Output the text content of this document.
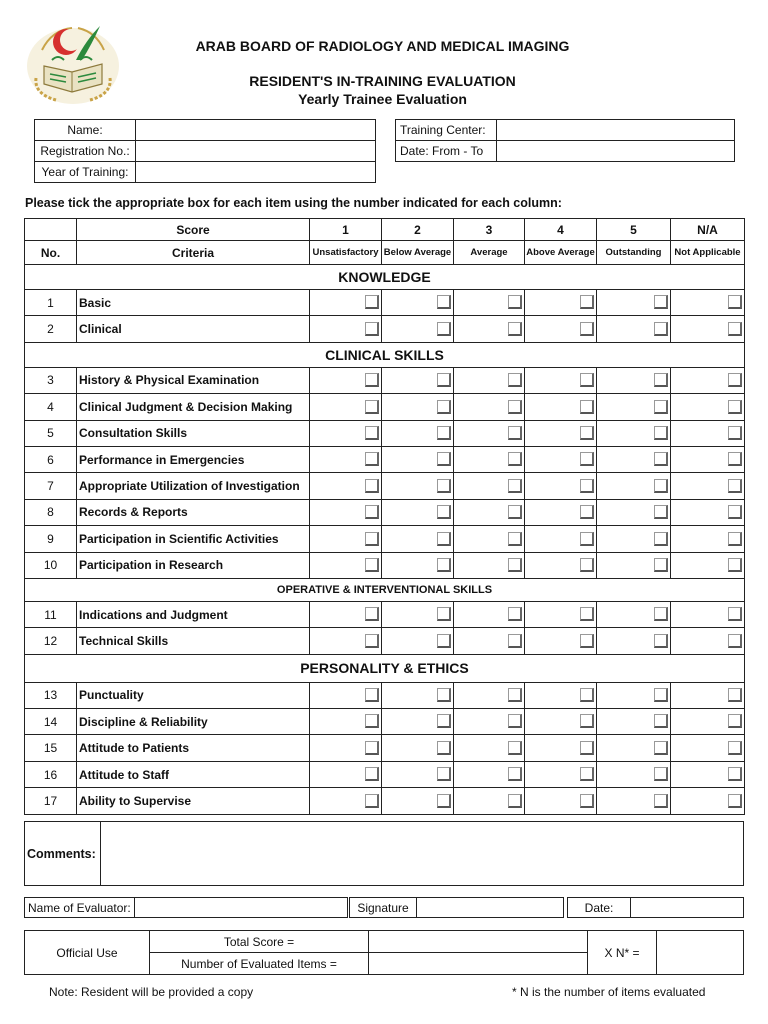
ARAB BOARD OF RADIOLOGY AND MEDICAL IMAGING
RESIDENT'S IN-TRAINING EVALUATION
Yearly Trainee Evaluation
Name:	
Registration No.:	
Year of Training:	
Training Center:	
Date: From - To	
Please tick the appropriate box for each item using the number indicated for each column:
	Score	1	2	3	4	5	N/A
No.	Criteria	Unsatisfactory	Below Average	Average	Above Average	Outstanding	Not Applicable
KNOWLEDGE							
1	Basic						
2	Clinical						
CLINICAL SKILLS							
3	History & Physical Examination						
4	Clinical Judgment & Decision Making						
5	Consultation Skills						
6	Performance in Emergencies						
7	Appropriate Utilization of Investigation						
8	Records & Reports						
9	Participation in Scientific Activities						
10	Participation in Research						
OPERATIVE & INTERVENTIONAL SKILLS							
11	Indications and Judgment						
12	Technical Skills						
PERSONALITY & ETHICS							
13	Punctuality						
14	Discipline & Reliability						
15	Attitude to Patients						
16	Attitude to Staff						
17	Ability to Supervise						
Comments:	
Name of Evaluator:		Signature		Date:	
Official Use	Total Score =		X N* =	
	Number of Evaluated Items =			
Note: Resident will be provided a copy	* N is the number of items evaluated
